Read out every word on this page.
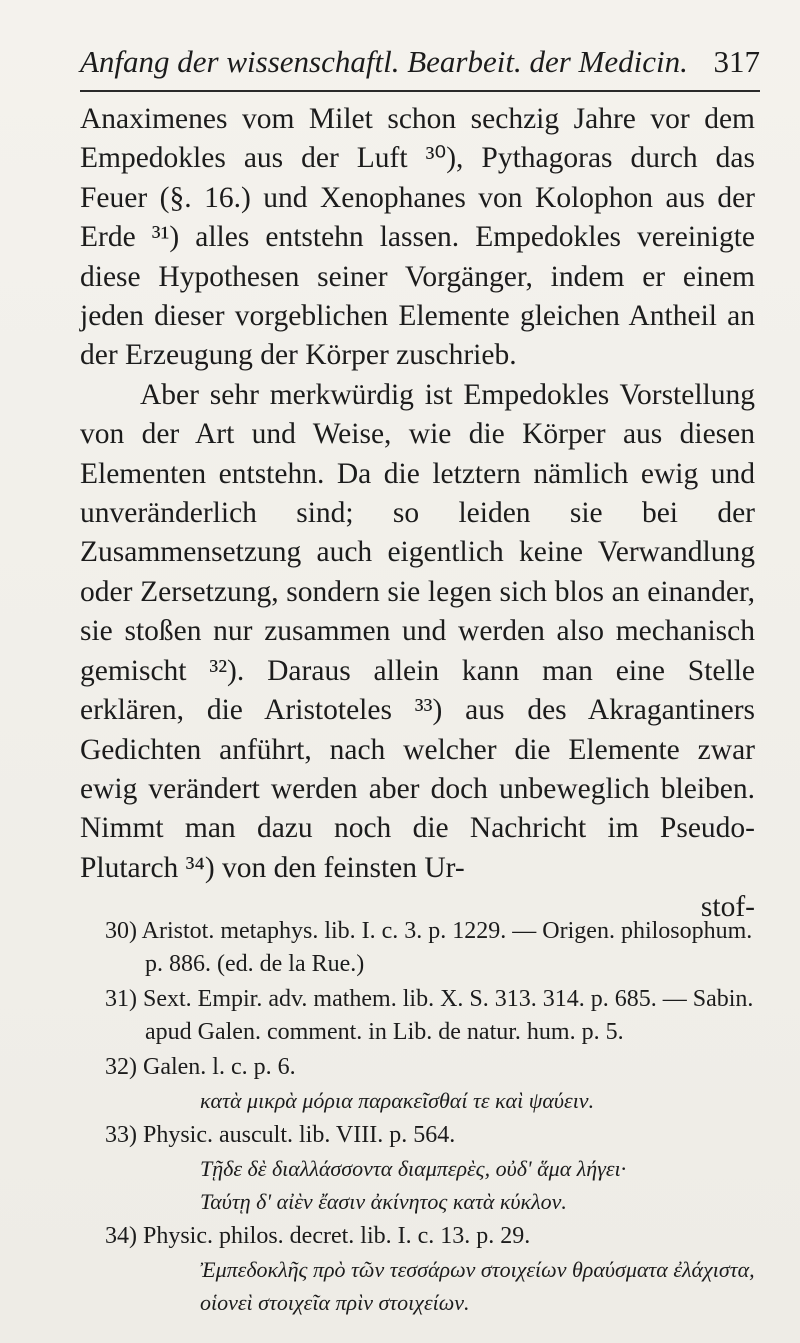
Anfang der wissenschaftl. Bearbeit. der Medicin. 317

Anaximenes vom Milet schon sechzig Jahre vor dem Empedokles aus der Luft ³⁰), Pythagoras durch das Feuer (§. 16.) und Xenophanes von Kolophon aus der Erde ³¹) alles entstehn lassen. Empedokles vereinigte diese Hypothesen seiner Vorgänger, indem er einem jeden dieser vorgeblichen Elemente gleichen Antheil an der Erzeugung der Körper zuschrieb.

Aber sehr merkwürdig ist Empedokles Vorstellung von der Art und Weise, wie die Körper aus diesen Elementen entstehn. Da die letztern nämlich ewig und unveränderlich sind; so leiden sie bei der Zusammensetzung auch eigentlich keine Verwandlung oder Zersetzung, sondern sie legen sich blos an einander, sie stoßen nur zusammen und werden also mechanisch gemischt ³²). Daraus allein kann man eine Stelle erklären, die Aristoteles ³³) aus des Akragantiners Gedichten anführt, nach welcher die Elemente zwar ewig verändert werden aber doch unbeweglich bleiben. Nimmt man dazu noch die Nachricht im Pseudo-Plutarch ³⁴) von den feinsten Ur-

stof-

30) Aristot. metaphys. lib. I. c. 3. p. 1229. — Origen. philosophum. p. 886. (ed. de la Rue.)

31) Sext. Empir. adv. mathem. lib. X. S. 313. 314. p. 685. — Sabin. apud Galen. comment. in Lib. de natur. hum. p. 5.

32) Galen. l. c. p. 6.
κατὰ μικρὰ μόρια παρακεῖσθαί τε καὶ ψαύειν.

33) Physic. auscult. lib. VIII. p. 564.
Τῇδε δὲ διαλλάσσοντα διαμπερὲς, οὐδ' ἅμα λήγει·
Ταύτῃ δ' αἰὲν ἔασιν ἀκίνητος κατὰ κύκλον.

34) Physic. philos. decret. lib. I. c. 13. p. 29.
Ἐμπεδοκλῆς πρὸ τῶν τεσσάρων στοιχείων θραύσματα ἐλάχιστα, οἱονεὶ στοιχεῖα πρὶν στοιχείων.
